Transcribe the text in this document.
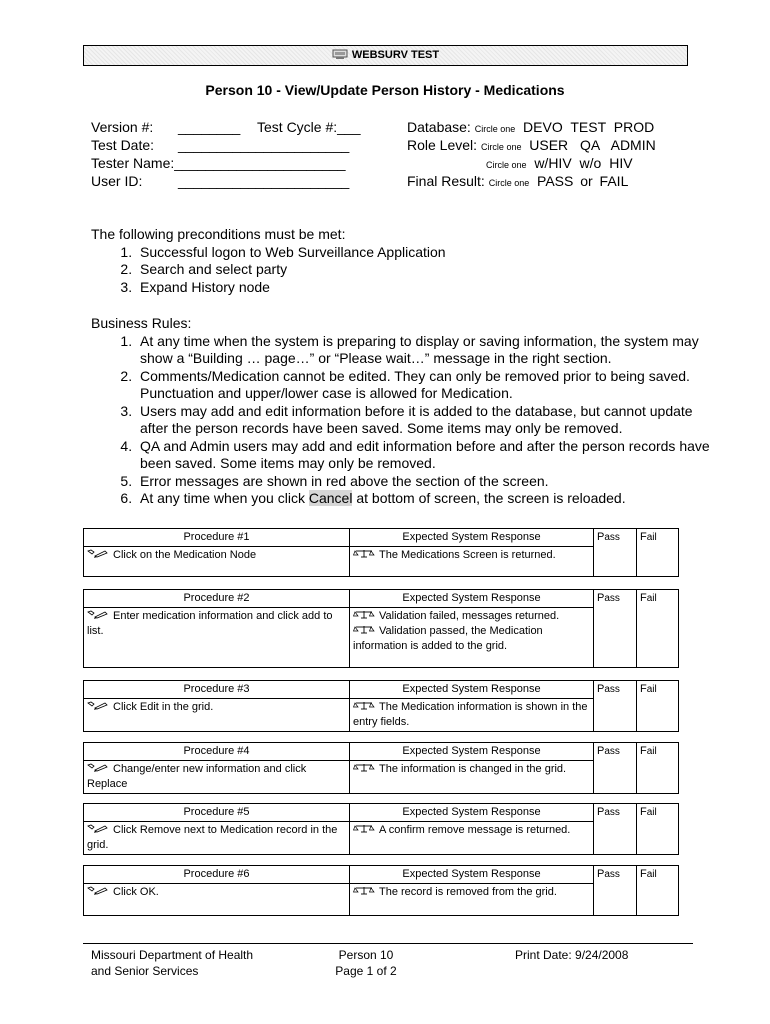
WEBSURV TEST
Person 10 - View/Update Person History - Medications
Version #: ________ Test Cycle #:___
Test Date: ______________________
Tester Name:______________________
User ID:	______________________
Database: Circle one DEVO TEST PROD
Role Level: Circle one USER QA ADMIN
Circle one w/HIV w/o HIV
Final Result: Circle one PASS or FAIL
The following preconditions must be met:
1. Successful logon to Web Surveillance Application
2. Search and select party
3. Expand History node
Business Rules:
1. At any time when the system is preparing to display or saving information, the system may show a “Building … page…” or “Please wait…” message in the right section.
2. Comments/Medication cannot be edited. They can only be removed prior to being saved. Punctuation and upper/lower case is allowed for Medication.
3. Users may add and edit information before it is added to the database, but cannot update after the person records have been saved. Some items may only be removed.
4. QA and Admin users may add and edit information before and after the person records have been saved. Some items may only be removed.
5. Error messages are shown in red above the section of the screen.
6. At any time when you click Cancel at bottom of screen, the screen is reloaded.
Procedure #1	Expected System Response	Pass	Fail
Click on the Medication Node	The Medications Screen is returned.		
Procedure #2	Expected System Response	Pass	Fail
Enter medication information and click add to list.	Validation failed, messages returned.
Validation passed, the Medication information is added to the grid.		
Procedure #3	Expected System Response	Pass	Fail
Click Edit in the grid.	The Medication information is shown in the entry fields.		
Procedure #4	Expected System Response	Pass	Fail
Change/enter new information and click Replace	The information is changed in the grid.		
Procedure #5	Expected System Response	Pass	Fail
Click Remove next to Medication record in the grid.	A confirm remove message is returned.		
Procedure #6	Expected System Response	Pass	Fail
Click OK.	The record is removed from the grid.		
Missouri Department of Health
and Senior Services
Person 10
Page 1 of 2
Print Date: 9/24/2008
